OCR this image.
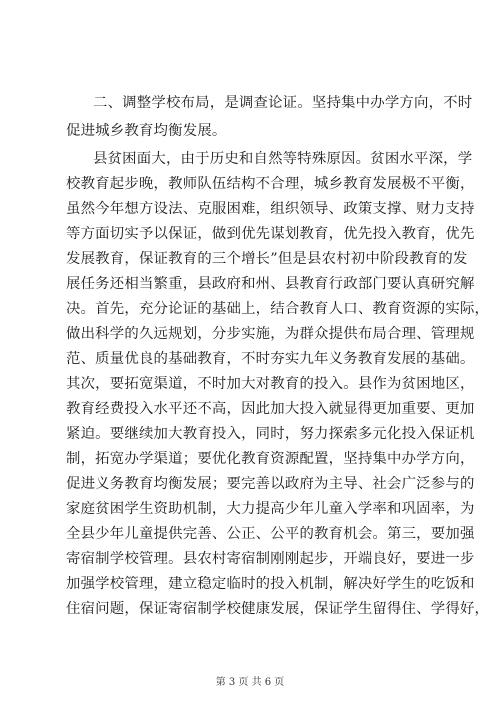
二、调整学校布局，是调查论证。坚持集中办学方向，不时
促进城乡教育均衡发展。
县贫困面大，由于历史和自然等特殊原因。贫困水平深，学
校教育起步晚，教师队伍结构不合理，城乡教育发展极不平衡，
虽然今年想方设法、克服困难，组织领导、政策支撑、财力支持
等方面切实予以保证，做到优先谋划教育，优先投入教育，优先
发展教育，保证教育的三个增长”但是县农村初中阶段教育的发
展任务还相当繁重，县政府和州、县教育行政部门要认真研究解
决。首先，充分论证的基础上，结合教育人口、教育资源的实际，
做出科学的久远规划，分步实施，为群众提供布局合理、管理规
范、质量优良的基础教育，不时夯实九年义务教育发展的基础。
其次，要拓宽渠道，不时加大对教育的投入。县作为贫困地区，
教育经费投入水平还不高，因此加大投入就显得更加重要、更加
紧迫。要继续加大教育投入，同时，努力探索多元化投入保证机
制，拓宽办学渠道；要优化教育资源配置，坚持集中办学方向，
促进义务教育均衡发展；要完善以政府为主导、社会广泛参与的
家庭贫困学生资助机制，大力提高少年儿童入学率和巩固率，为
全县少年儿童提供完善、公正、公平的教育机会。第三，要加强
寄宿制学校管理。县农村寄宿制刚刚起步，开端良好，要进一步
加强学校管理，建立稳定临时的投入机制，解决好学生的吃饭和
住宿问题，保证寄宿制学校健康发展，保证学生留得住、学得好，
第 3 页 共 6 页
